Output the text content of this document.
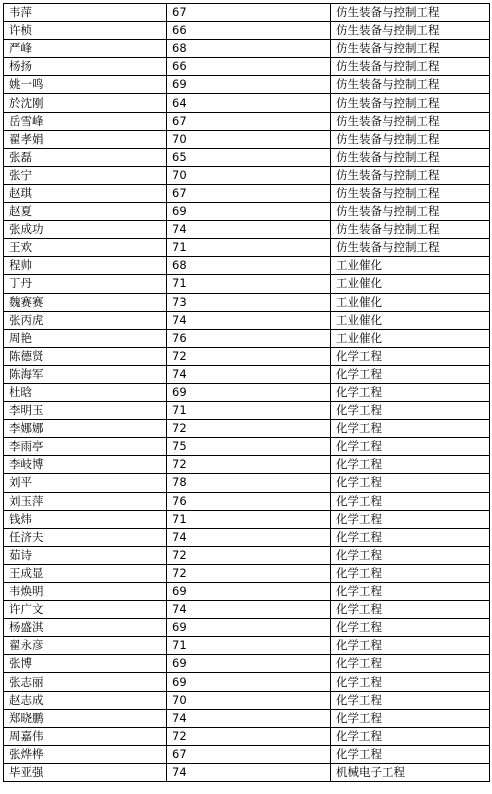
韦萍	67	仿生装备与控制工程
许桢	66	仿生装备与控制工程
严峰	68	仿生装备与控制工程
杨扬	66	仿生装备与控制工程
姚一鸣	69	仿生装备与控制工程
於沈刚	64	仿生装备与控制工程
岳雪峰	67	仿生装备与控制工程
翟孝娟	70	仿生装备与控制工程
张磊	65	仿生装备与控制工程
张宁	70	仿生装备与控制工程
赵琪	67	仿生装备与控制工程
赵夏	69	仿生装备与控制工程
张成功	74	仿生装备与控制工程
王欢	71	仿生装备与控制工程
程帅	68	工业催化
丁丹	71	工业催化
魏赛赛	73	工业催化
张丙虎	74	工业催化
周艳	76	工业催化
陈德贤	72	化学工程
陈海军	74	化学工程
杜晗	69	化学工程
李明玉	71	化学工程
李娜娜	72	化学工程
李雨亭	75	化学工程
李岐博	72	化学工程
刘平	78	化学工程
刘玉萍	76	化学工程
钱炜	71	化学工程
任济夫	74	化学工程
茹诗	72	化学工程
王成显	72	化学工程
韦焕明	69	化学工程
许广文	74	化学工程
杨盛淇	69	化学工程
翟永彦	71	化学工程
张博	69	化学工程
张志丽	69	化学工程
赵志成	70	化学工程
郑晓鹏	74	化学工程
周嘉伟	72	化学工程
张烨桦	67	化学工程
毕亚强	74	机械电子工程
